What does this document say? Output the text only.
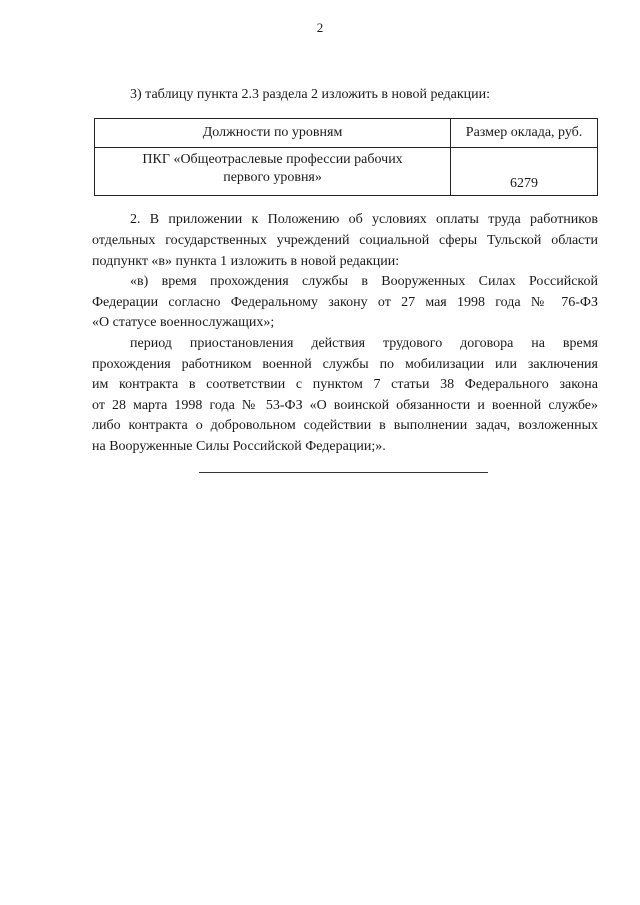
2
3) таблицу пункта 2.3 раздела 2 изложить в новой редакции:
Должности по уровням	Размер оклада, руб.

ПКГ «Общеотраслевые профессии рабочих
первого уровня»	6279
2. В приложении к Положению об условиях оплаты труда работников
отдельных государственных учреждений социальной сферы Тульской области
подпункт «в» пункта 1 изложить в новой редакции:
«в) время прохождения службы в Вооруженных Силах Российской
Федерации согласно Федеральному закону от 27 мая 1998 года № 76-ФЗ
«О статусе военнослужащих»;
период приостановления действия трудового договора на время
прохождения работником военной службы по мобилизации или заключения
им контракта в соответствии с пунктом 7 статьи 38 Федерального закона
от 28 марта 1998 года № 53-ФЗ «О воинской обязанности и военной службе»
либо контракта о добровольном содействии в выполнении задач, возложенных
на Вооруженные Силы Российской Федерации;».
